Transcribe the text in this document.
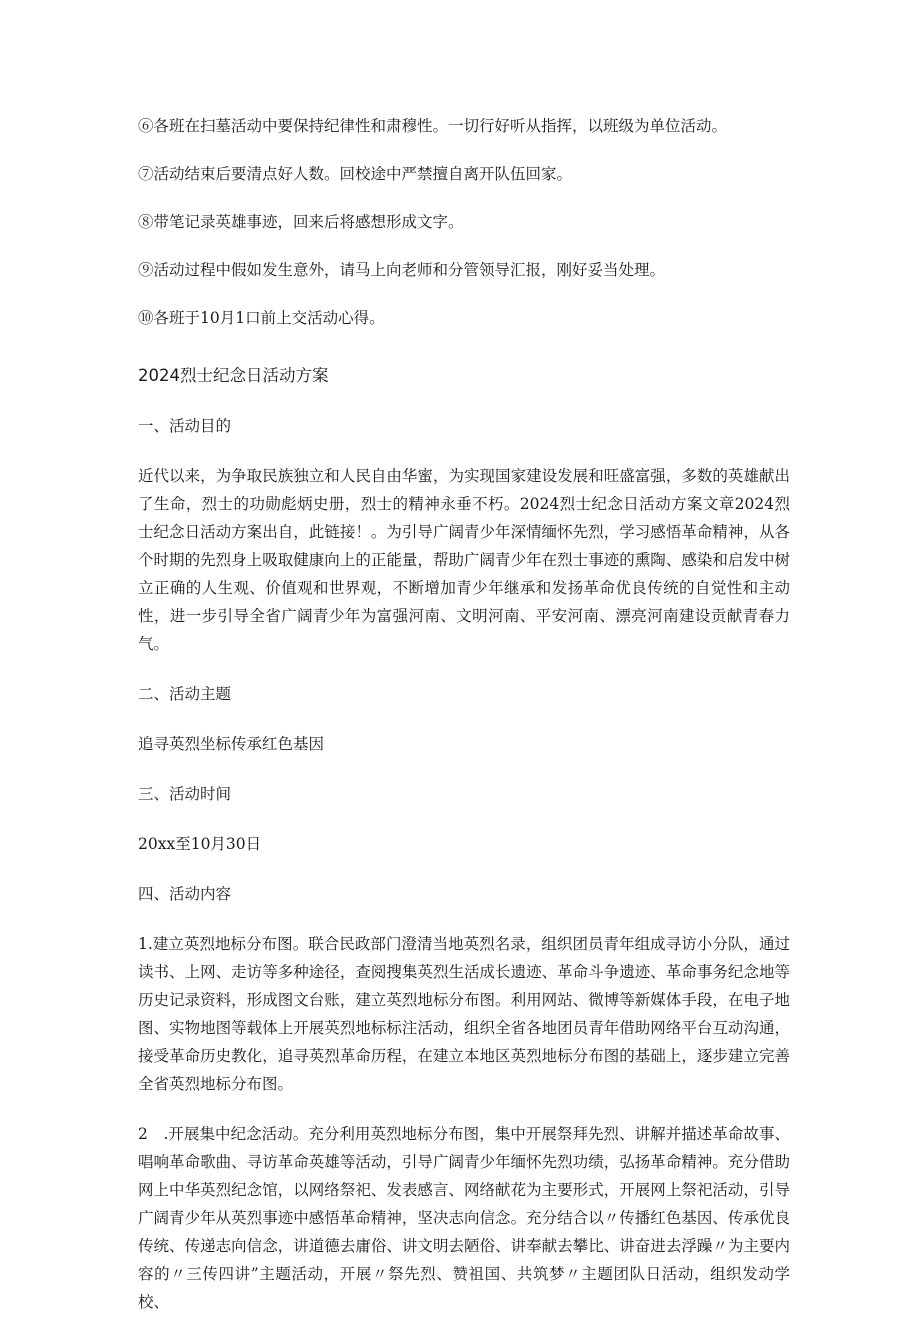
⑥各班在扫墓活动中要保持纪律性和肃穆性。一切行好听从指挥，以班级为单位活动。
⑦活动结束后要清点好人数。回校途中严禁擅自离开队伍回家。
⑧带笔记录英雄事迹，回来后将感想形成文字。
⑨活动过程中假如发生意外，请马上向老师和分管领导汇报，刚好妥当处理。
⑩各班于10月1口前上交活动心得。
2024烈士纪念日活动方案
一、活动目的
近代以来，为争取民族独立和人民自由华蜜，为实现国家建设发展和旺盛富强，多数的英雄献出了生命，烈士的功勋彪炳史册，烈士的精神永垂不朽。2024烈士纪念日活动方案文章2024烈士纪念日活动方案出自，此链接！。为引导广阔青少年深情缅怀先烈，学习感悟革命精神，从各个时期的先烈身上吸取健康向上的正能量，帮助广阔青少年在烈士事迹的熏陶、感染和启发中树立正确的人生观、价值观和世界观，不断增加青少年继承和发扬革命优良传统的自觉性和主动性，进一步引导全省广阔青少年为富强河南、文明河南、平安河南、漂亮河南建设贡献青春力气。
二、活动主题
追寻英烈坐标传承红色基因
三、活动时间
20xx至10月30日
四、活动内容
1.建立英烈地标分布图。联合民政部门澄清当地英烈名录，组织团员青年组成寻访小分队，通过读书、上网、走访等多种途径，查阅搜集英烈生活成长遗迹、革命斗争遗迹、革命事务纪念地等历史记录资料，形成图文台账，建立英烈地标分布图。利用网站、微博等新媒体手段，在电子地图、实物地图等载体上开展英烈地标标注活动，组织全省各地团员青年借助网络平台互动沟通，接受革命历史教化，追寻英烈革命历程，在建立本地区英烈地标分布图的基础上，逐步建立完善全省英烈地标分布图。
2　.开展集中纪念活动。充分利用英烈地标分布图，集中开展祭拜先烈、讲解并描述革命故事、唱响革命歌曲、寻访革命英雄等活动，引导广阔青少年缅怀先烈功绩，弘扬革命精神。充分借助网上中华英烈纪念馆，以网络祭祀、发表感言、网络献花为主要形式，开展网上祭祀活动，引导广阔青少年从英烈事迹中感悟革命精神，坚决志向信念。充分结合以〃传播红色基因、传承优良传统、传递志向信念，讲道德去庸俗、讲文明去陋俗、讲奉献去攀比、讲奋进去浮躁〃为主要内容的〃三传四讲”主题活动，开展〃祭先烈、赞祖国、共筑梦〃主题团队日活动，组织发动学校、
